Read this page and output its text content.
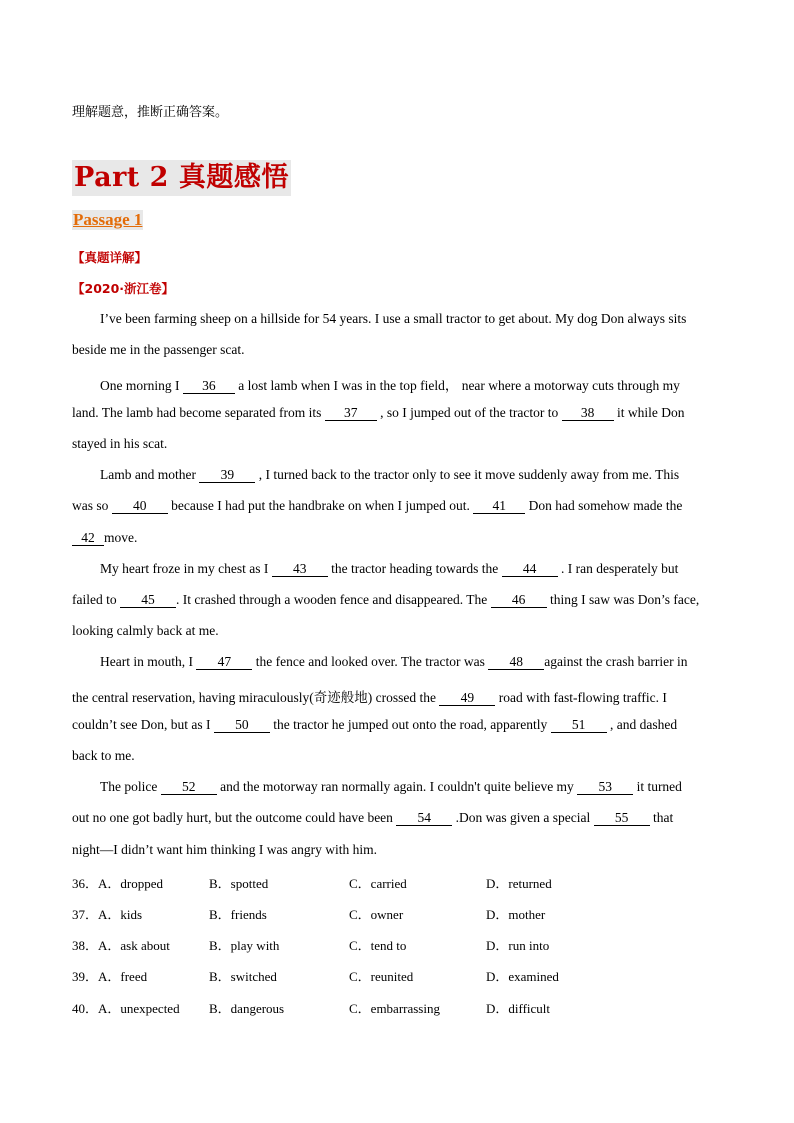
理解题意，推断正确答案。
Part 2 真题感悟
Passage 1
【真题详解】
【2020·浙江卷】
I’ve been farming sheep on a hillside for 54 years. I use a small tractor to get about. My dog Don always sits
beside me in the passenger scat.
One morning I 36 a lost lamb when I was in the top field， near where a motorway cuts through my
land. The lamb had become separated from its 37 , so I jumped out of the tractor to 38 it while Don
stayed in his scat.
Lamb and mother 39 , I turned back to the tractor only to see it move suddenly away from me. This
was so 40 because I had put the handbrake on when I jumped out. 41 Don had somehow made the
42 move.
My heart froze in my chest as I 43 the tractor heading towards the 44 . I ran desperately but
failed to 45 . It crashed through a wooden fence and disappeared. The 46 thing I saw was Don’s face,
looking calmly back at me.
Heart in mouth, I 47 the fence and looked over. The tractor was 48 against the crash barrier in
the central reservation, having miraculously(奇迹般地) crossed the 49 road with fast-flowing traffic. I
couldn’t see Don, but as I 50 the tractor he jumped out onto the road, apparently 51 , and dashed
back to me.
The police 52 and the motorway ran normally again. I couldn't quite believe my 53 it turned
out no one got badly hurt, but the outcome could have been 54 .Don was given a special 55 that
night—I didn’t want him thinking I was angry with him.
36．A．dropped	B．spotted	C．carried	D．returned
37．A．kids	B．friends	C．owner	D．mother
38．A．ask about	B．play with	C．tend to	D．run into
39．A．freed	B．switched	C．reunited	D．examined
40．A．unexpected B．dangerous	C．embarrassing	D．difficult
